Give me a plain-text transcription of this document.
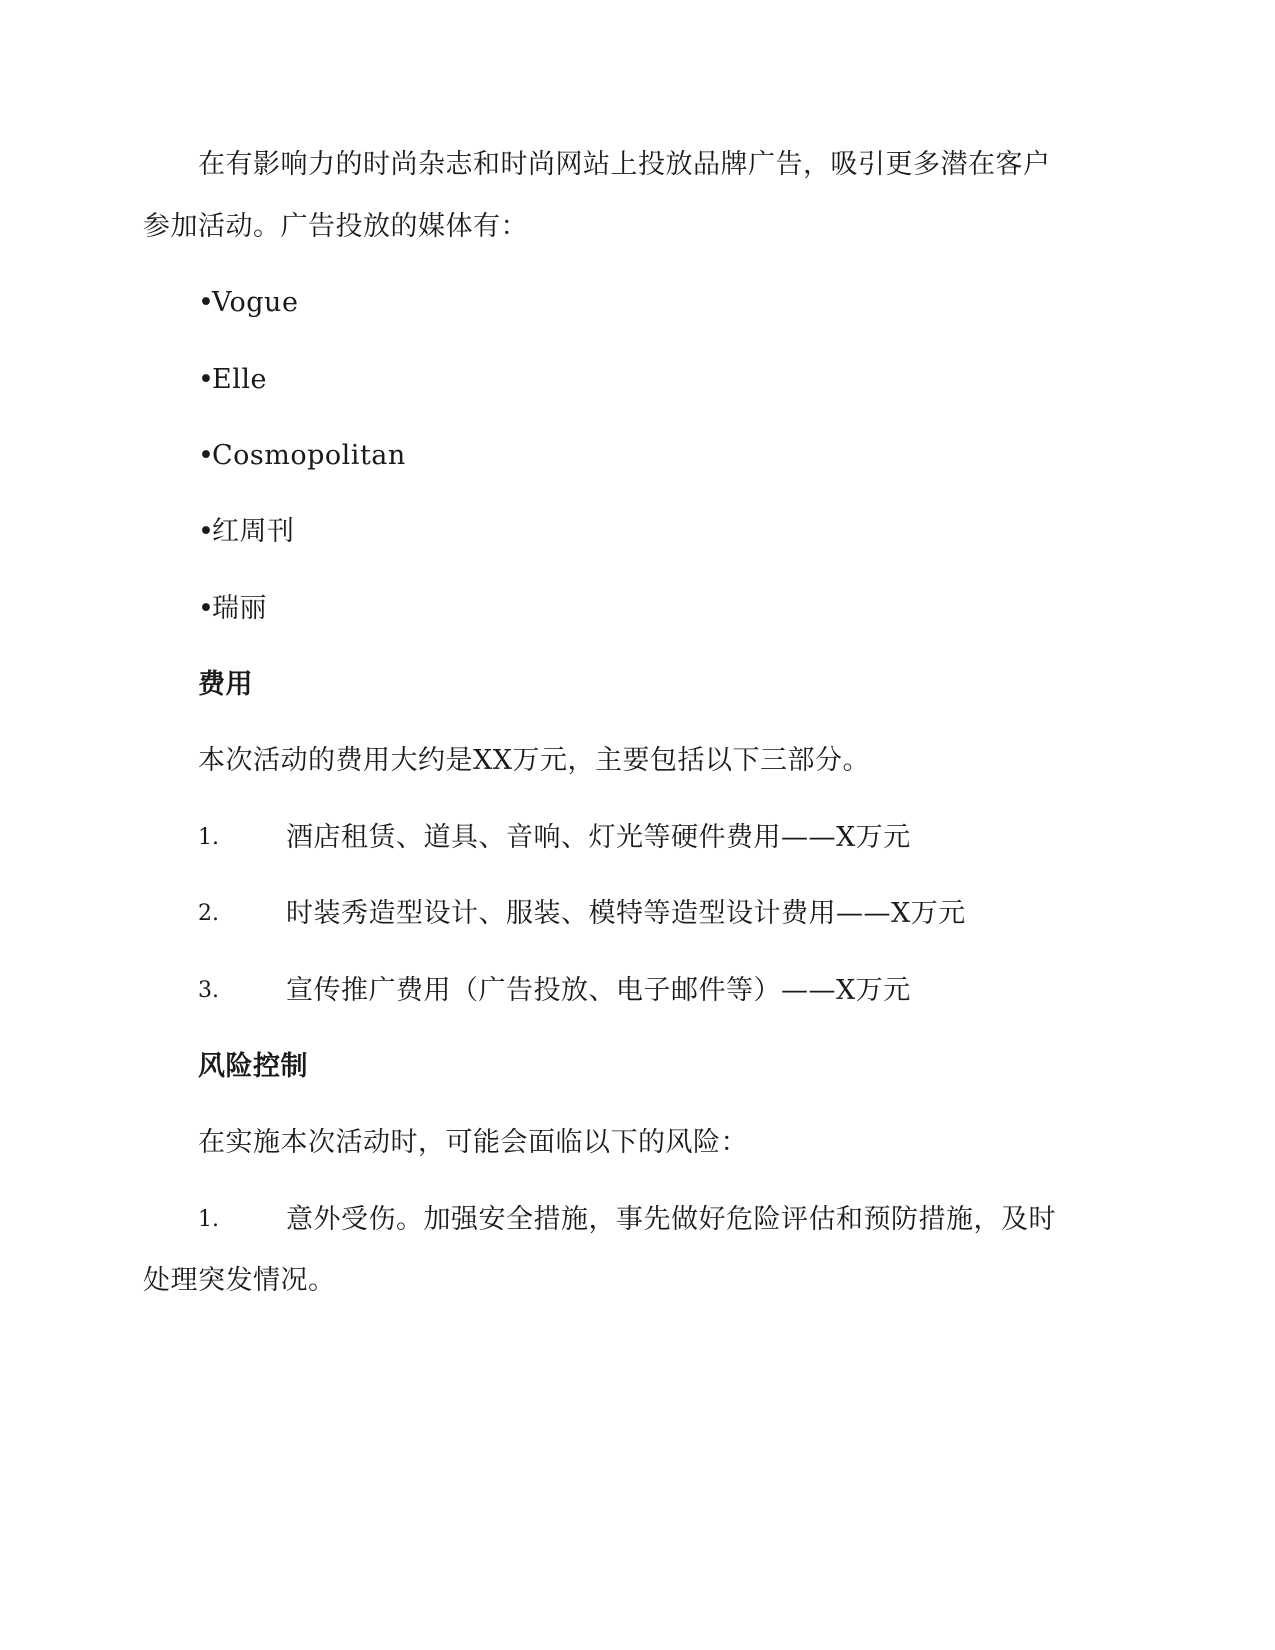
在有影响力的时尚杂志和时尚网站上投放品牌广告，吸引更多潜在客户
参加活动。广告投放的媒体有：
•Vogue
•Elle
•Cosmopolitan
•红周刊
•瑞丽
费用
本次活动的费用大约是XX万元，主要包括以下三部分。
1. 酒店租赁、道具、音响、灯光等硬件费用——X万元
2. 时装秀造型设计、服装、模特等造型设计费用——X万元
3. 宣传推广费用（广告投放、电子邮件等）——X万元
风险控制
在实施本次活动时，可能会面临以下的风险：
1. 意外受伤。加强安全措施，事先做好危险评估和预防措施，及时
处理突发情况。
